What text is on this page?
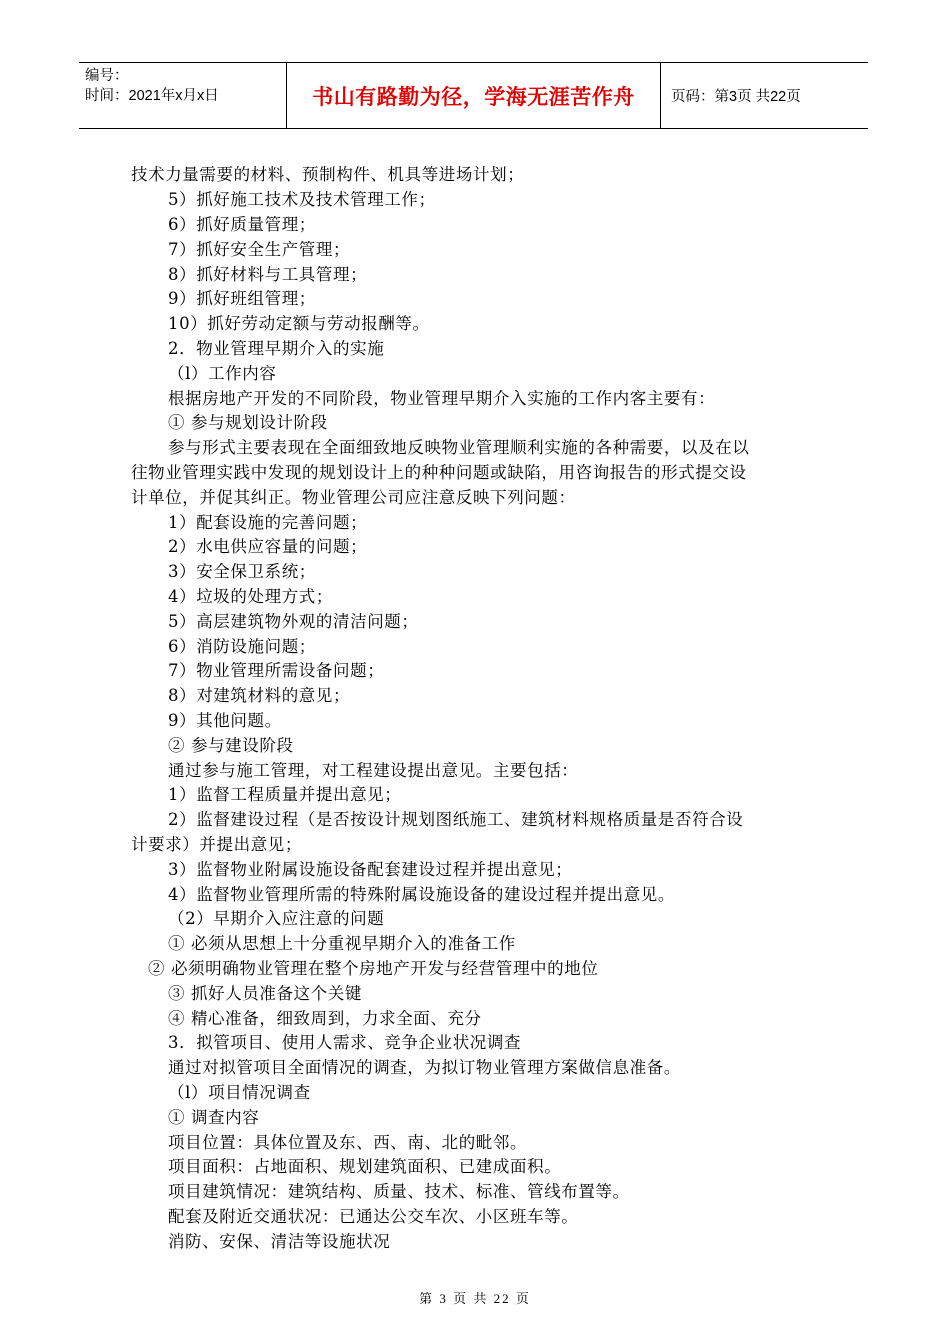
编号：
时间：2021年x月x日	书山有路勤为径，学海无涯苦作舟	页码：第3页 共22页
技术力量需要的材料、预制构件、机具等进场计划；
5）抓好施工技术及技术管理工作；
6）抓好质量管理；
7）抓好安全生产管理；
8）抓好材料与工具管理；
9）抓好班组管理；
10）抓好劳动定额与劳动报酬等。
2．物业管理早期介入的实施
（l）工作内容
根据房地产开发的不同阶段，物业管理早期介入实施的工作内客主要有：
① 参与规划设计阶段
参与形式主要表现在全面细致地反映物业管理顺利实施的各种需要，以及在以
往物业管理实践中发现的规划设计上的种种问题或缺陷，用咨询报告的形式提交设
计单位，并促其纠正。物业管理公司应注意反映下列问题：
1）配套设施的完善问题；
2）水电供应容量的问题；
3）安全保卫系统；
4）垃圾的处理方式；
5）高层建筑物外观的清洁问题；
6）消防设施问题；
7）物业管理所需设备问题；
8）对建筑材料的意见；
9）其他问题。
② 参与建设阶段
通过参与施工管理，对工程建设提出意见。主要包括：
1）监督工程质量并提出意见；
2）监督建设过程（是否按设计规划图纸施工、建筑材料规格质量是否符合设
计要求）并提出意见；
3）监督物业附属设施设备配套建设过程并提出意见；
4）监督物业管理所需的特殊附属设施设备的建设过程并提出意见。
（2）早期介入应注意的问题
① 必须从思想上十分重视早期介入的准备工作
② 必须明确物业管理在整个房地产开发与经营管理中的地位
③ 抓好人员准备这个关键
④ 精心准备，细致周到，力求全面、充分
3．拟管项目、使用人需求、竞争企业状况调查
通过对拟管项目全面情况的调查，为拟订物业管理方案做信息准备。
（l）项目情况调查
① 调查内容
项目位置：具体位置及东、西、南、北的毗邻。
项目面积：占地面积、规划建筑面积、已建成面积。
项目建筑情况：建筑结构、质量、技术、标准、管线布置等。
配套及附近交通状况：已通达公交车次、小区班车等。
消防、安保、清洁等设施状况
第 3 页 共 22 页
